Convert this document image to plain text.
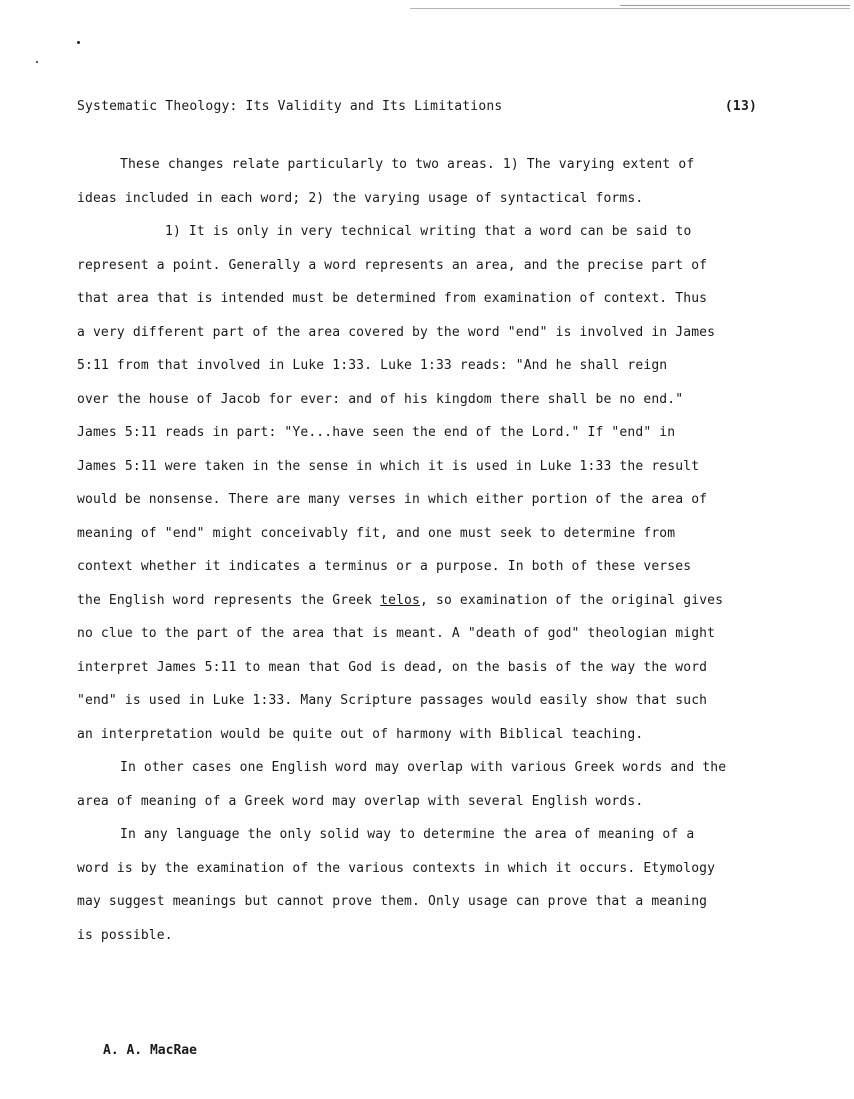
Systematic Theology: Its Validity and Its Limitations	(13)

These changes relate particularly to two areas. 1) The varying extent of
ideas included in each word; 2) the varying usage of syntactical forms.

1) It is only in very technical writing that a word can be said to
represent a point. Generally a word represents an area, and the precise part of
that area that is intended must be determined from examination of context. Thus
a very different part of the area covered by the word "end" is involved in James
5:11 from that involved in Luke 1:33. Luke 1:33 reads: "And he shall reign
over the house of Jacob for ever: and of his kingdom there shall be no end."
James 5:11 reads in part: "Ye...have seen the end of the Lord." If "end" in
James 5:11 were taken in the sense in which it is used in Luke 1:33 the result
would be nonsense. There are many verses in which either portion of the area of
meaning of "end" might conceivably fit, and one must seek to determine from
context whether it indicates a terminus or a purpose. In both of these verses
the English word represents the Greek telos, so examination of the original gives
no clue to the part of the area that is meant. A "death of god" theologian might
interpret James 5:11 to mean that God is dead, on the basis of the way the word
"end" is used in Luke 1:33. Many Scripture passages would easily show that such
an interpretation would be quite out of harmony with Biblical teaching.

In other cases one English word may overlap with various Greek words and the
area of meaning of a Greek word may overlap with several English words.

In any language the only solid way to determine the area of meaning of a
word is by the examination of the various contexts in which it occurs. Etymology
may suggest meanings but cannot prove them. Only usage can prove that a meaning
is possible.

A. A. MacRae
